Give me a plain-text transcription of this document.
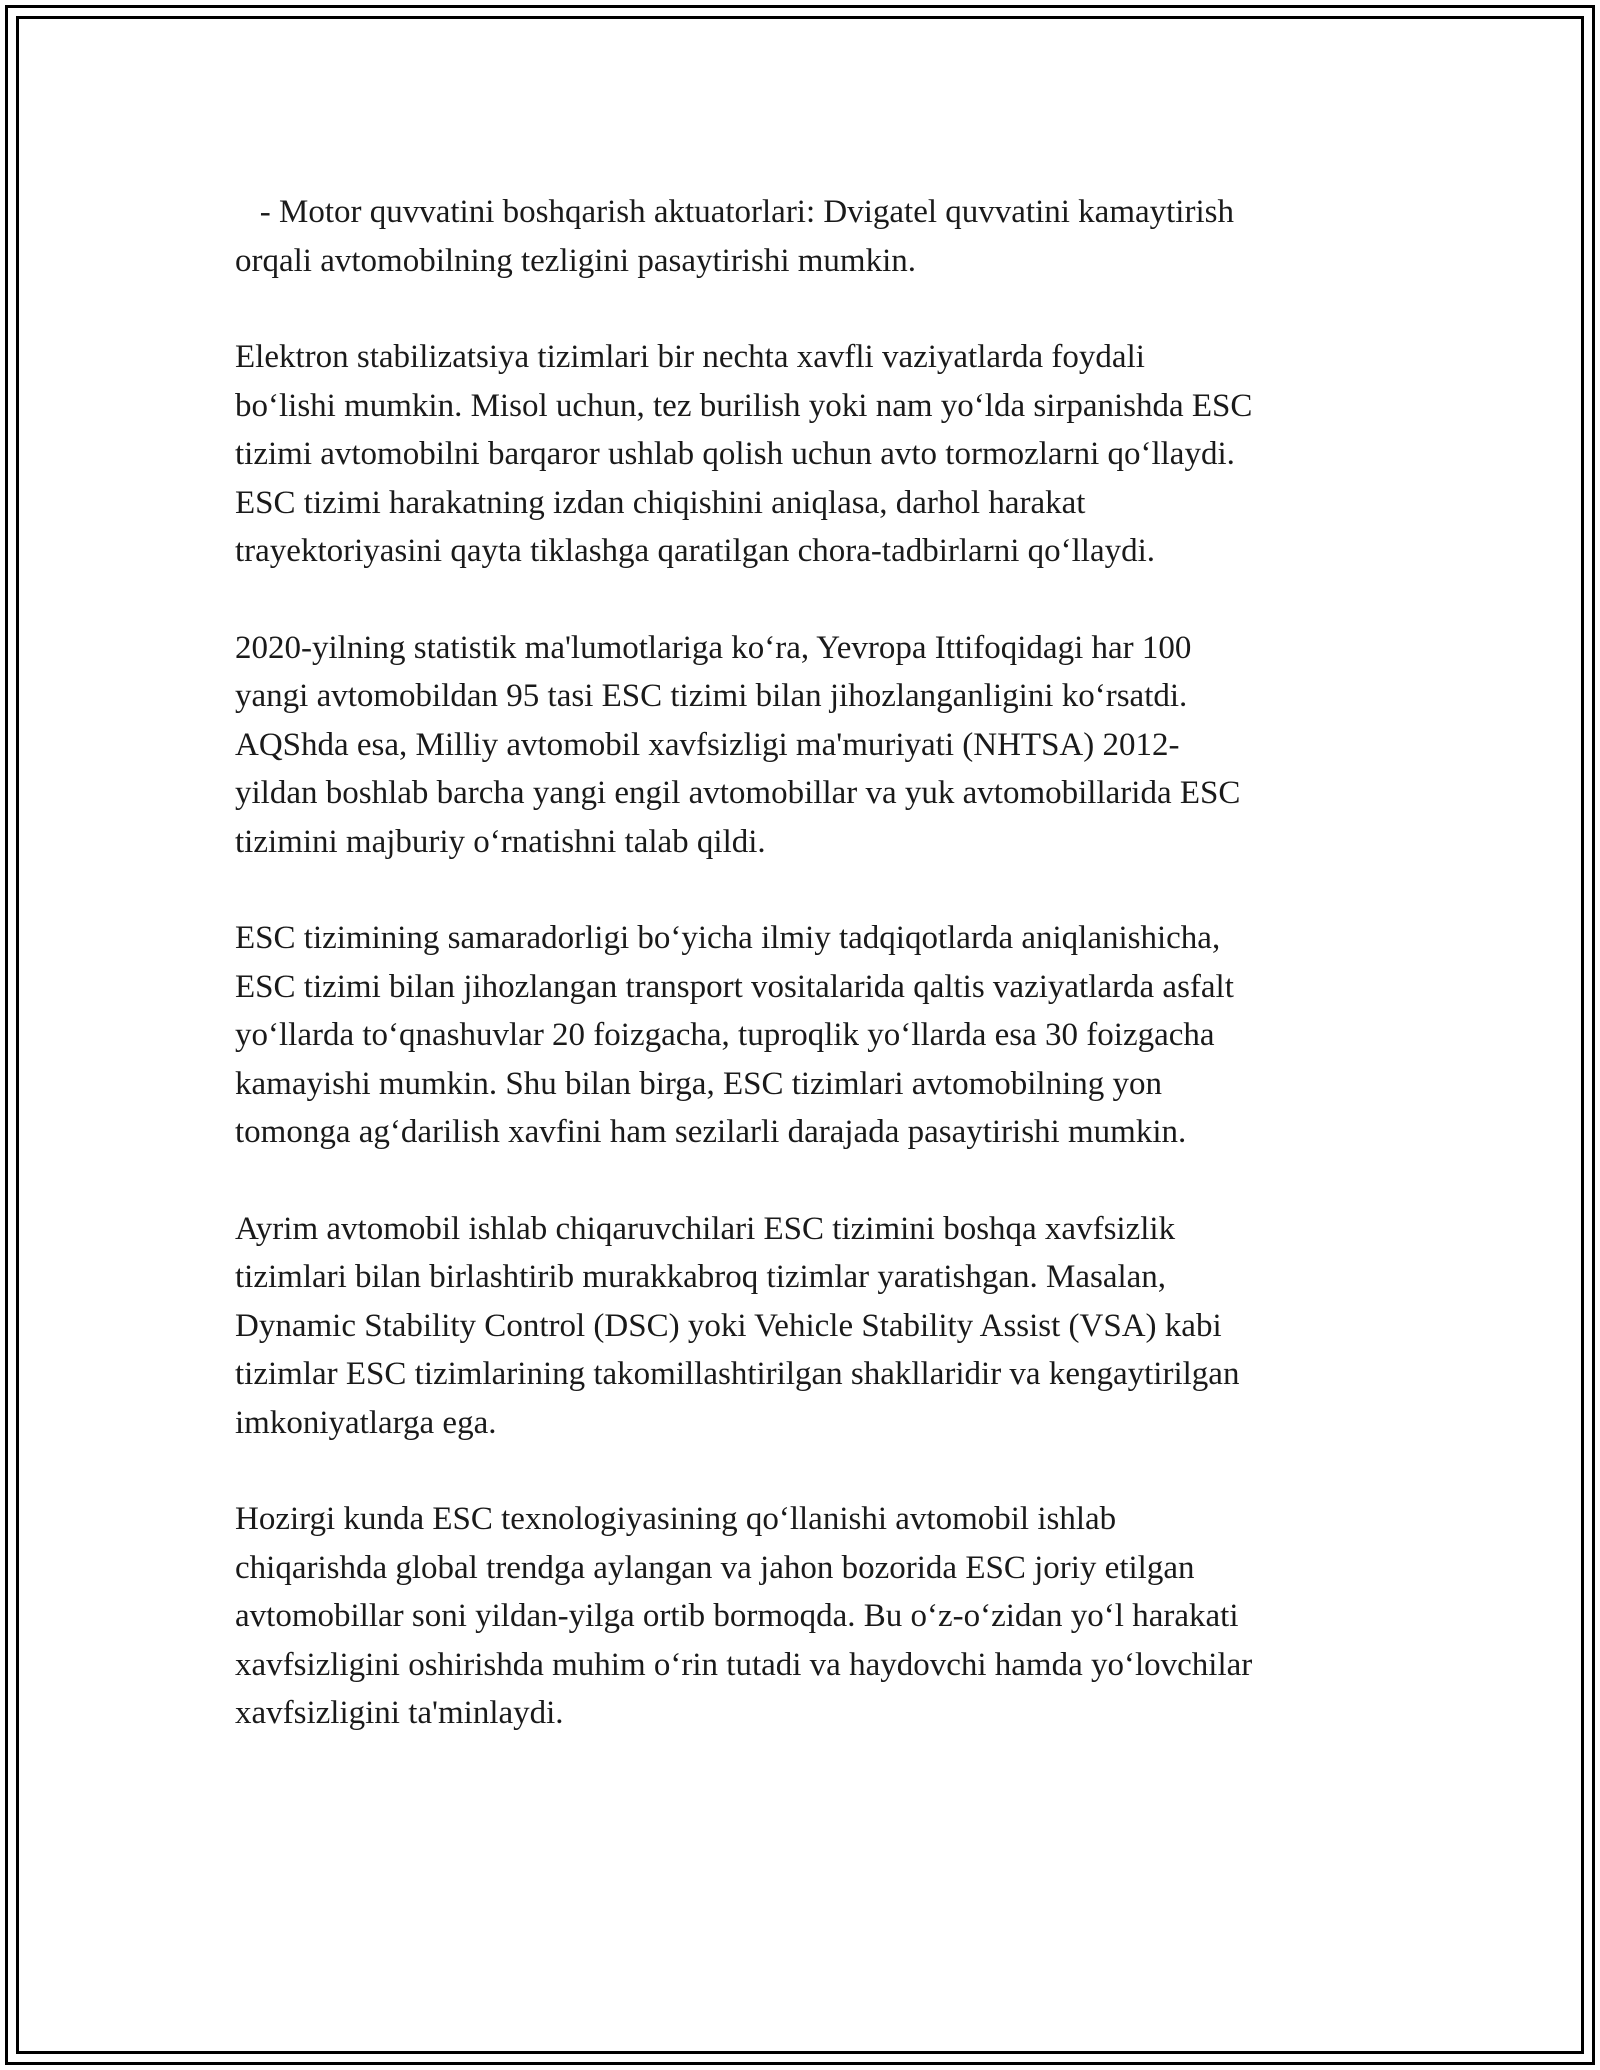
- Motor quvvatini boshqarish aktuatorlari: Dvigatel quvvatini kamaytirish
orqali avtomobilning tezligini pasaytirishi mumkin.

Elektron stabilizatsiya tizimlari bir nechta xavfli vaziyatlarda foydali
bo‘lishi mumkin. Misol uchun, tez burilish yoki nam yo‘lda sirpanishda ESC
tizimi avtomobilni barqaror ushlab qolish uchun avto tormozlarni qo‘llaydi.
ESC tizimi harakatning izdan chiqishini aniqlasa, darhol harakat
trayektoriyasini qayta tiklashga qaratilgan chora-tadbirlarni qo‘llaydi.

2020-yilning statistik ma'lumotlariga ko‘ra, Yevropa Ittifoqidagi har 100
yangi avtomobildan 95 tasi ESC tizimi bilan jihozlanganligini ko‘rsatdi.
AQShda esa, Milliy avtomobil xavfsizligi ma'muriyati (NHTSA) 2012-
yildan boshlab barcha yangi engil avtomobillar va yuk avtomobillarida ESC
tizimini majburiy o‘rnatishni talab qildi.

ESC tizimining samaradorligi bo‘yicha ilmiy tadqiqotlarda aniqlanishicha,
ESC tizimi bilan jihozlangan transport vositalarida qaltis vaziyatlarda asfalt
yo‘llarda to‘qnashuvlar 20 foizgacha, tuproqlik yo‘llarda esa 30 foizgacha
kamayishi mumkin. Shu bilan birga, ESC tizimlari avtomobilning yon
tomonga ag‘darilish xavfini ham sezilarli darajada pasaytirishi mumkin.

Ayrim avtomobil ishlab chiqaruvchilari ESC tizimini boshqa xavfsizlik
tizimlari bilan birlashtirib murakkabroq tizimlar yaratishgan. Masalan,
Dynamic Stability Control (DSC) yoki Vehicle Stability Assist (VSA) kabi
tizimlar ESC tizimlarining takomillashtirilgan shakllaridir va kengaytirilgan
imkoniyatlarga ega.

Hozirgi kunda ESC texnologiyasining qo‘llanishi avtomobil ishlab
chiqarishda global trendga aylangan va jahon bozorida ESC joriy etilgan
avtomobillar soni yildan-yilga ortib bormoqda. Bu o‘z-o‘zidan yo‘l harakati
xavfsizligini oshirishda muhim o‘rin tutadi va haydovchi hamda yo‘lovchilar
xavfsizligini ta'minlaydi.
